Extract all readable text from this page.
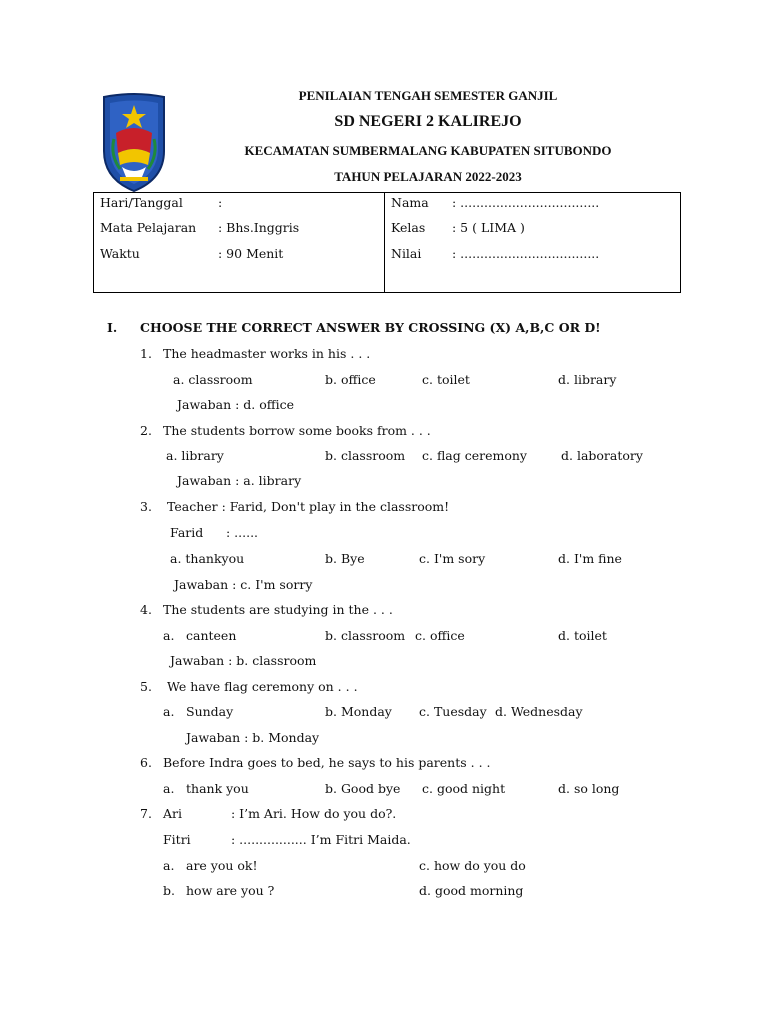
PENILAIAN TENGAH SEMESTER GANJIL
SD NEGERI 2 KALIREJO
KECAMATAN SUMBERMALANG KABUPATEN SITUBONDO
TAHUN PELAJARAN 2022-2023
Hari/Tanggal	:
Mata Pelajaran : Bhs.Inggris
Waktu	: 90 Menit
Nama : ...................................
Kelas : 5 ( LIMA )
Nilai : ...................................
I. CHOOSE THE CORRECT ANSWER BY CROSSING (X) A,B,C OR D!
1. The headmaster works in his . . .
a. classroom	b. office	c. toilet	d. library
Jawaban : d. office
2. The students borrow some books from . . .
a. library	b. classroom c. flag ceremony	d. laboratory
Jawaban : a. library
3. Teacher : Farid, Don't play in the classroom!
Farid : ......
a. thankyou	b. Bye	c. I'm sory	d. I'm fine
Jawaban : c. I'm sorry
4. The students are studying in the . . .
a. canteen	b. classroom c. office	d. toilet
Jawaban : b. classroom
5. We have flag ceremony on . . .
a. Sunday	b. Monday c. Tuesday d. Wednesday
Jawaban : b. Monday
6. Before Indra goes to bed, he says to his parents . . .
a. thank you	b. Good bye c. good night	d. so long
7. Ari	: I’m Ari. How do you do?.
Fitri	: ................. I’m Fitri Maida.
a. are you ok!	c. how do you do
b. how are you ?	d. good morning
